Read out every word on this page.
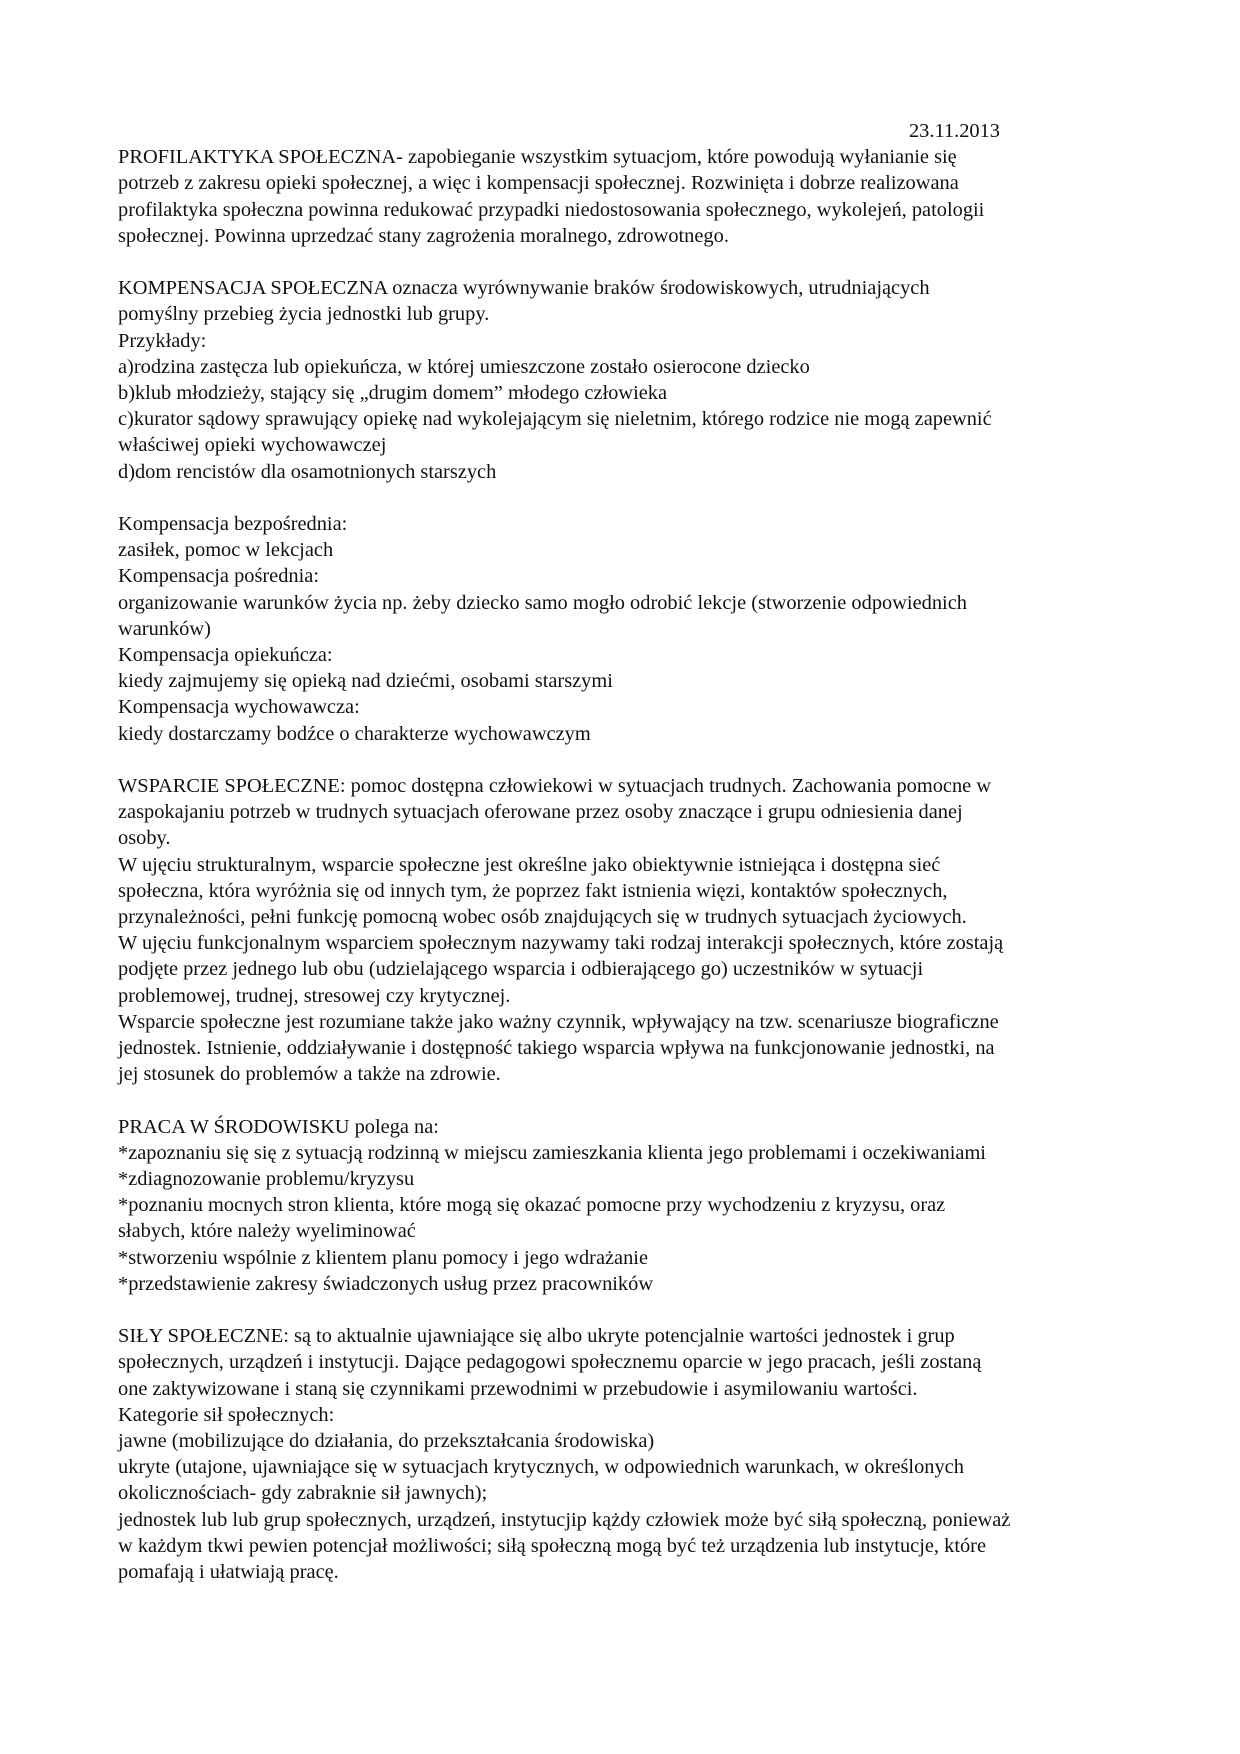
23.11.2013
PROFILAKTYKA SPOŁECZNA- zapobieganie wszystkim sytuacjom, które powodują wyłanianie się
potrzeb z zakresu opieki społecznej, a więc i kompensacji społecznej. Rozwinięta i dobrze realizowana
profilaktyka społeczna powinna redukować przypadki niedostosowania społecznego, wykolejeń, patologii
społecznej. Powinna uprzedzać stany zagrożenia moralnego, zdrowotnego.
KOMPENSACJA SPOŁECZNA oznacza wyrównywanie braków środowiskowych, utrudniających
pomyślny przebieg życia jednostki lub grupy.
Przykłady:
a)rodzina zastęcza lub opiekuńcza, w której umieszczone zostało osierocone dziecko
b)klub młodzieży, stający się „drugim domem” młodego człowieka
c)kurator sądowy sprawujący opiekę nad wykolejającym się nieletnim, którego rodzice nie mogą zapewnić
właściwej opieki wychowawczej
d)dom rencistów dla osamotnionych starszych
Kompensacja bezpośrednia:
zasiłek, pomoc w lekcjach
Kompensacja pośrednia:
organizowanie warunków życia np. żeby dziecko samo mogło odrobić lekcje (stworzenie odpowiednich
warunków)
Kompensacja opiekuńcza:
kiedy zajmujemy się opieką nad dziećmi, osobami starszymi
Kompensacja wychowawcza:
kiedy dostarczamy bodźce o charakterze wychowawczym
WSPARCIE SPOŁECZNE: pomoc dostępna człowiekowi w sytuacjach trudnych. Zachowania pomocne w
zaspokajaniu potrzeb w trudnych sytuacjach oferowane przez osoby znaczące i grupu odniesienia danej
osoby.
W ujęciu strukturalnym, wsparcie społeczne jest określne jako obiektywnie istniejąca i dostępna sieć
społeczna, która wyróżnia się od innych tym, że poprzez fakt istnienia więzi, kontaktów społecznych,
przynależności, pełni funkcję pomocną wobec osób znajdujących się w trudnych sytuacjach życiowych.
W ujęciu funkcjonalnym wsparciem społecznym nazywamy taki rodzaj interakcji społecznych, które zostają
podjęte przez jednego lub obu (udzielającego wsparcia i odbierającego go) uczestników w sytuacji
problemowej, trudnej, stresowej czy krytycznej.
Wsparcie społeczne jest rozumiane także jako ważny czynnik, wpływający na tzw. scenariusze biograficzne
jednostek. Istnienie, oddziaływanie i dostępność takiego wsparcia wpływa na funkcjonowanie jednostki, na
jej stosunek do problemów a także na zdrowie.
PRACA W ŚRODOWISKU polega na:
*zapoznaniu się się z sytuacją rodzinną w miejscu zamieszkania klienta jego problemami i oczekiwaniami
*zdiagnozowanie problemu/kryzysu
*poznaniu mocnych stron klienta, które mogą się okazać pomocne przy wychodzeniu z kryzysu, oraz
słabych, które należy wyeliminować
*stworzeniu wspólnie z klientem planu pomocy i jego wdrażanie
*przedstawienie zakresy świadczonych usług przez pracowników
SIŁY SPOŁECZNE: są to aktualnie ujawniające się albo ukryte potencjalnie wartości jednostek i grup
społecznych, urządzeń i instytucji. Dające pedagogowi społecznemu oparcie w jego pracach, jeśli zostaną
one zaktywizowane i staną się czynnikami przewodnimi w przebudowie i asymilowaniu wartości.
Kategorie sił społecznych:
jawne (mobilizujące do działania, do przekształcania środowiska)
ukryte (utajone, ujawniające się w sytuacjach krytycznych, w odpowiednich warunkach, w określonych
okolicznościach- gdy zabraknie sił jawnych);
jednostek lub lub grup społecznych, urządzeń, instytucjip kążdy człowiek może być siłą społeczną, ponieważ
w każdym tkwi pewien potencjał możliwości; siłą społeczną mogą być też urządzenia lub instytucje, które
pomafają i ułatwiają pracę.
